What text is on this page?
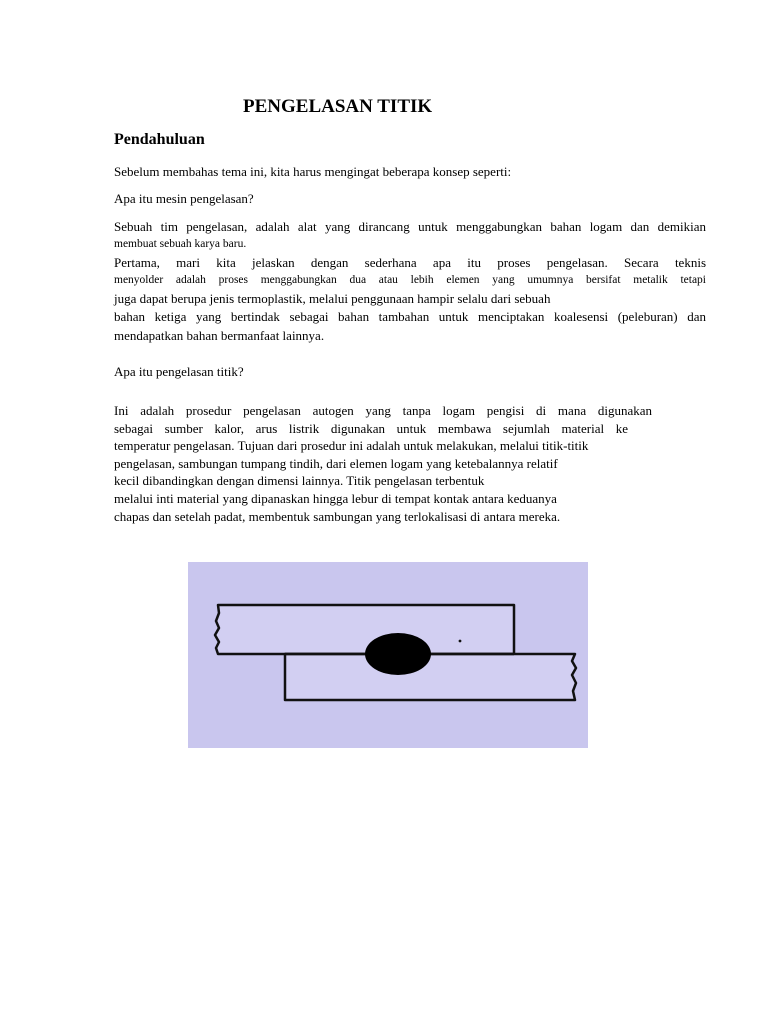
PENGELASAN TITIK
Pendahuluan

Sebelum membahas tema ini, kita harus mengingat beberapa konsep seperti:

Apa itu mesin pengelasan?

Sebuah tim pengelasan, adalah alat yang dirancang untuk menggabungkan bahan logam dan demikian

membuat sebuah karya baru.

Pertama, mari kita jelaskan dengan sederhana apa itu proses pengelasan. Secara teknis

menyolder adalah proses menggabungkan dua atau lebih elemen yang umumnya bersifat metalik tetapi

juga dapat berupa jenis termoplastik, melalui penggunaan hampir selalu dari sebuah

bahan ketiga yang bertindak sebagai bahan tambahan untuk menciptakan koalesensi (peleburan) dan

mendapatkan bahan bermanfaat lainnya.

Apa itu pengelasan titik?

Ini adalah prosedur pengelasan autogen yang tanpa logam pengisi di mana digunakan

sebagai sumber kalor, arus listrik digunakan untuk membawa sejumlah material ke

temperatur pengelasan. Tujuan dari prosedur ini adalah untuk melakukan, melalui titik-titik

pengelasan, sambungan tumpang tindih, dari elemen logam yang ketebalannya relatif

kecil dibandingkan dengan dimensi lainnya. Titik pengelasan terbentuk

melalui inti material yang dipanaskan hingga lebur di tempat kontak antara keduanya

chapas dan setelah padat, membentuk sambungan yang terlokalisasi di antara mereka.
